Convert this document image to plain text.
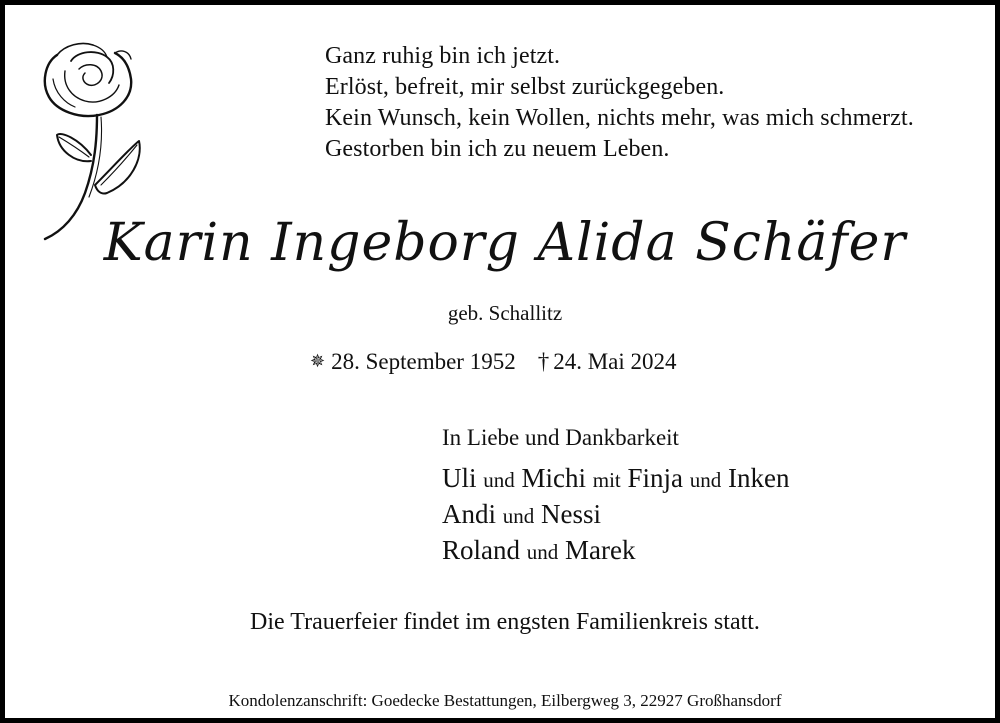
Ganz ruhig bin ich jetzt.
Erlöst, befreit, mir selbst zurückgegeben.
Kein Wunsch, kein Wollen, nichts mehr, was mich schmerzt.
Gestorben bin ich zu neuem Leben.
Karin Ingeborg Alida Schäfer
geb. Schallitz
✵ 28. September 1952 † 24. Mai 2024
In Liebe und Dankbarkeit
Uli und Michi mit Finja und Inken
Andi und Nessi
Roland und Marek
Die Trauerfeier findet im engsten Familienkreis statt.
Kondolenzanschrift: Goedecke Bestattungen, Eilbergweg 3, 22927 Großhansdorf
